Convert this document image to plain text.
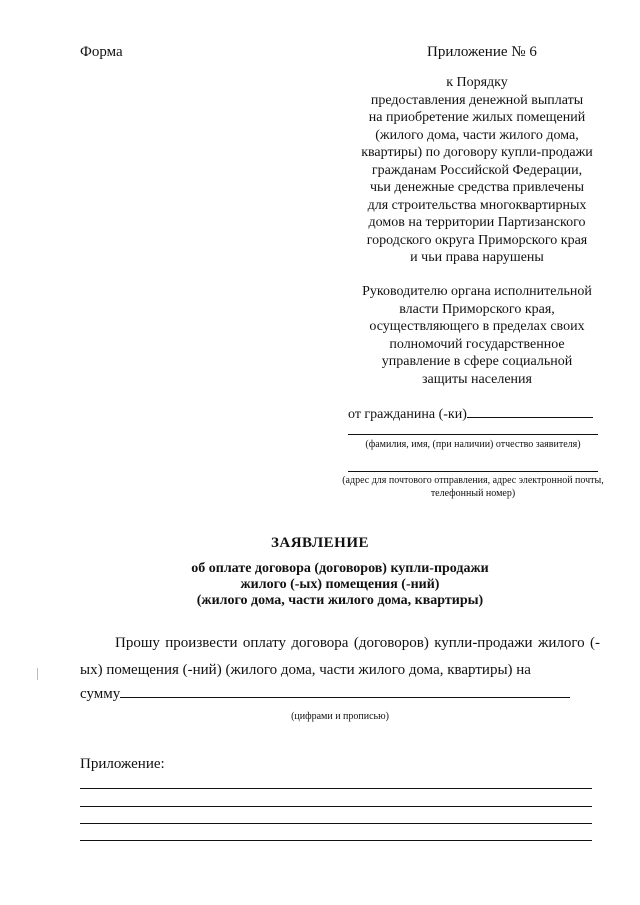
Форма	Приложение № 6
к Порядку
предоставления денежной выплаты
на приобретение жилых помещений
(жилого дома, части жилого дома,
квартиры) по договору купли-продажи
гражданам Российской Федерации,
чьи денежные средства привлечены
для строительства многоквартирных
домов на территории Партизанского
городского округа Приморского края
и чьи права нарушены
Руководителю органа исполнительной
власти Приморского края,
осуществляющего в пределах своих
полномочий государственное
управление в сфере социальной
защиты населения
от гражданина (-ки)
(фамилия, имя, (при наличии) отчество заявителя)
(адрес для почтового отправления, адрес электронной почты, телефонный номер)
ЗАЯВЛЕНИЕ
об оплате договора (договоров) купли-продажи
жилого (-ых) помещения (-ний)
(жилого дома, части жилого дома, квартиры)
Прошу произвести оплату договора (договоров) купли-продажи жилого (-ых) помещения (-ний) (жилого дома, части жилого дома, квартиры) на
сумму
(цифрами и прописью)
Приложение:
